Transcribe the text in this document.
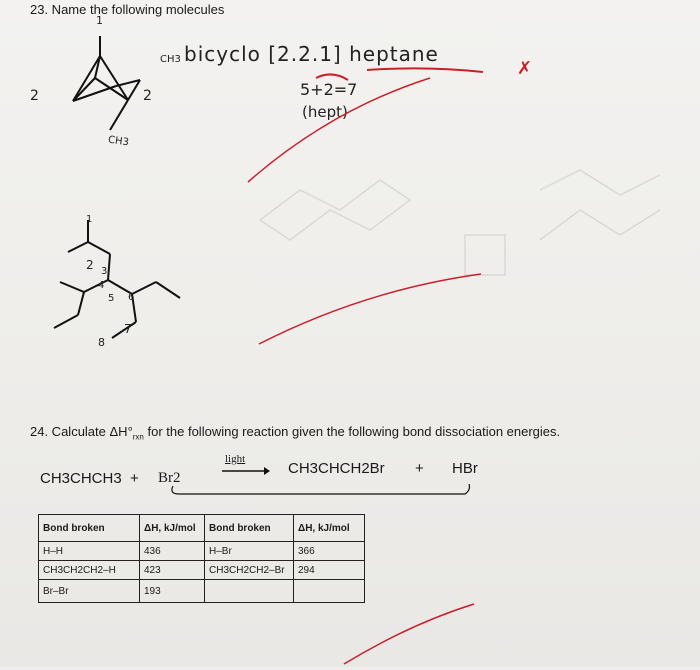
23. Name the following molecules
2	2
1
CH3
CH3 bicyclo [2.2.1] heptane
5+2=7
(hept)
✗
1
2 3
4
5 6
7
8
24. Calculate $\Delta H^\circ_{rxn}$ for the following reaction given the following bond dissociation energies.
CH3CHCH3 + Br2
light
→ CH3CHCH2Br + HBr
Bond broken	ΔH, kJ/mol	Bond broken	ΔH, kJ/mol
H–H	436	H–Br	366
CH3CH2CH2–H	423	CH3CH2CH2–Br	294
Br–Br	193		
